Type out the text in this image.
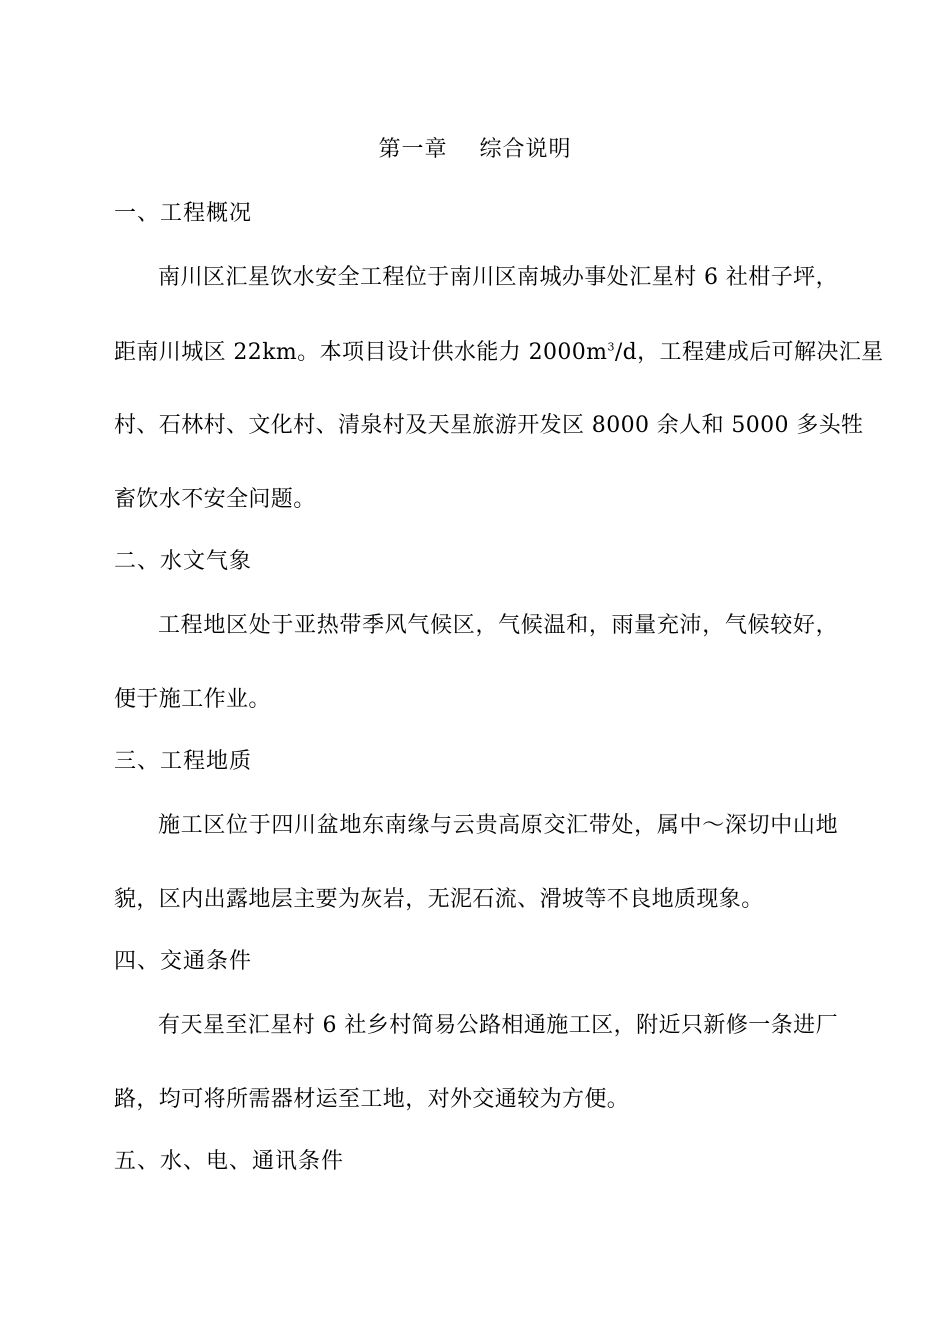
第一章    综合说明
一、工程概况
南川区汇星饮水安全工程位于南川区南城办事处汇星村 6 社柑子坪，
距南川城区 22km。本项目设计供水能力 $2000m^3/d$，工程建成后可解决汇星
村、石林村、文化村、清泉村及天星旅游开发区 8000 余人和 5000 多头牲
畜饮水不安全问题。
二、水文气象
工程地区处于亚热带季风气候区，气候温和，雨量充沛，气候较好，
便于施工作业。
三、工程地质
施工区位于四川盆地东南缘与云贵高原交汇带处，属中～深切中山地
貌，区内出露地层主要为灰岩，无泥石流、滑坡等不良地质现象。
四、交通条件
有天星至汇星村 6 社乡村简易公路相通施工区，附近只新修一条进厂
路，均可将所需器材运至工地，对外交通较为方便。
五、水、电、通讯条件
